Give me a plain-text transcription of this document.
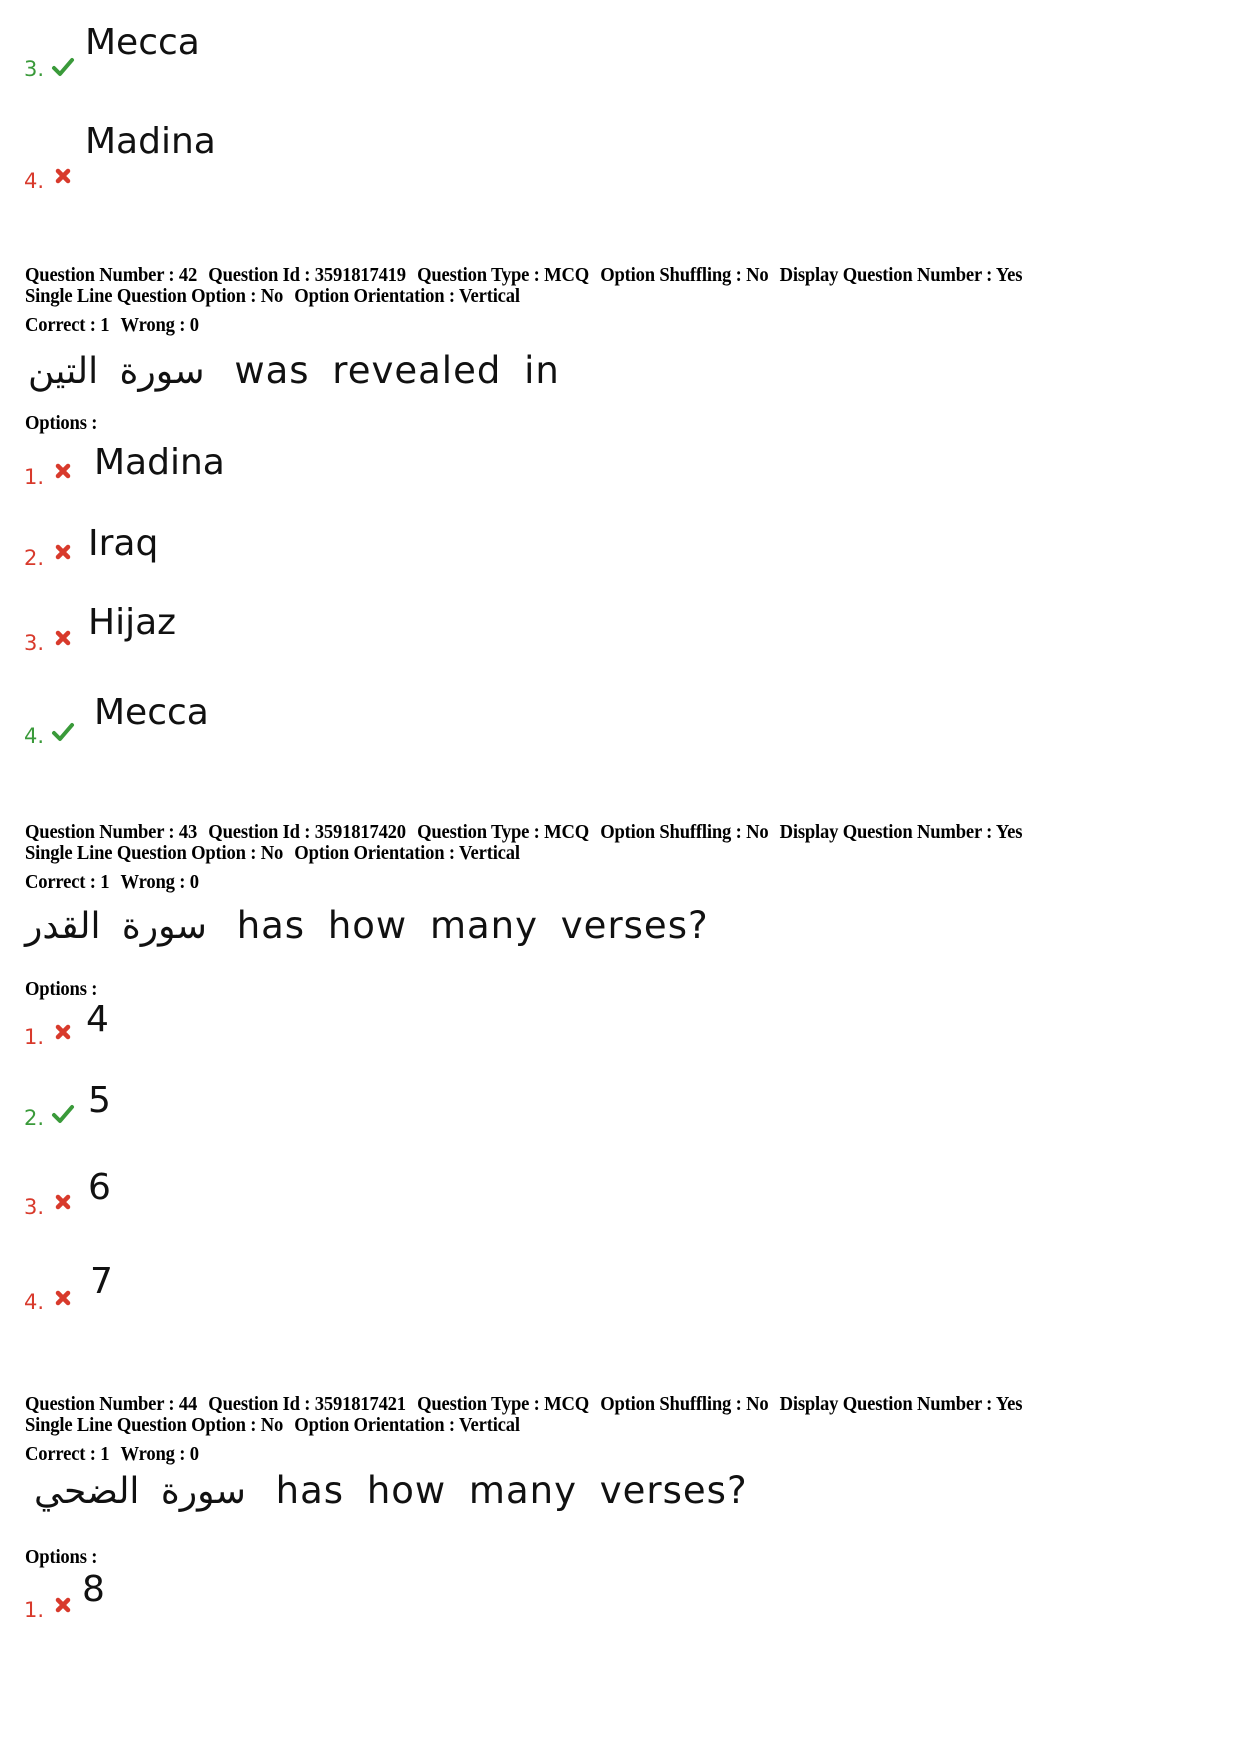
3.
Mecca
4.
Madina
Question Number : 42 Question Id : 3591817419 Question Type : MCQ Option Shuffling : No Display Question Number : Yes
Single Line Question Option : No Option Orientation : Vertical
Correct : 1 Wrong : 0
سورة التين was revealed in
Options :
1. Madina
2. Iraq
3. Hijaz
4.
Mecca
Question Number : 43 Question Id : 3591817420 Question Type : MCQ Option Shuffling : No Display Question Number : Yes
Single Line Question Option : No Option Orientation : Vertical
Correct : 1 Wrong : 0
سورة القدر has how many verses?
Options :
1. 4
2. 5
3. 6
4. 7
Question Number : 44 Question Id : 3591817421 Question Type : MCQ Option Shuffling : No Display Question Number : Yes
Single Line Question Option : No Option Orientation : Vertical
Correct : 1 Wrong : 0
سورة الضحي has how many verses?
Options :
1. 8
